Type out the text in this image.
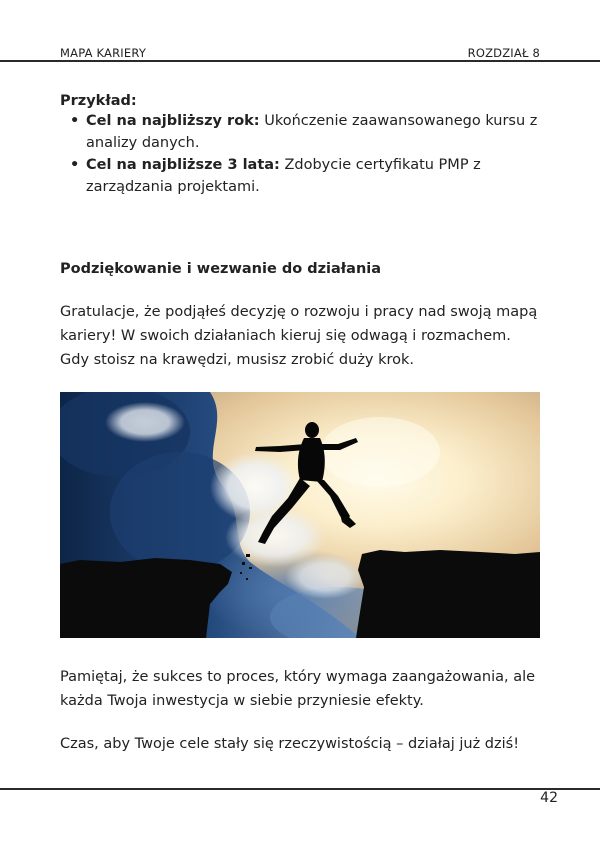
MAPA KARIERY	ROZDZIAŁ 8
Przykład:
• Cel na najbliższy rok: Ukończenie zaawansowanego kursu z analizy danych.
• Cel na najbliższe 3 lata: Zdobycie certyfikatu PMP z zarządzania projektami.
Podziękowanie i wezwanie do działania

Gratulacje, że podjąłeś decyzję o rozwoju i pracy nad swoją mapą kariery! W swoich działaniach kieruj się odwagą i rozmachem. Gdy stoisz na krawędzi, musisz zrobić duży krok.

Pamiętaj, że sukces to proces, który wymaga zaangażowania, ale każda Twoja inwestycja w siebie przyniesie efekty.

Czas, aby Twoje cele stały się rzeczywistością – działaj już dziś!

42
